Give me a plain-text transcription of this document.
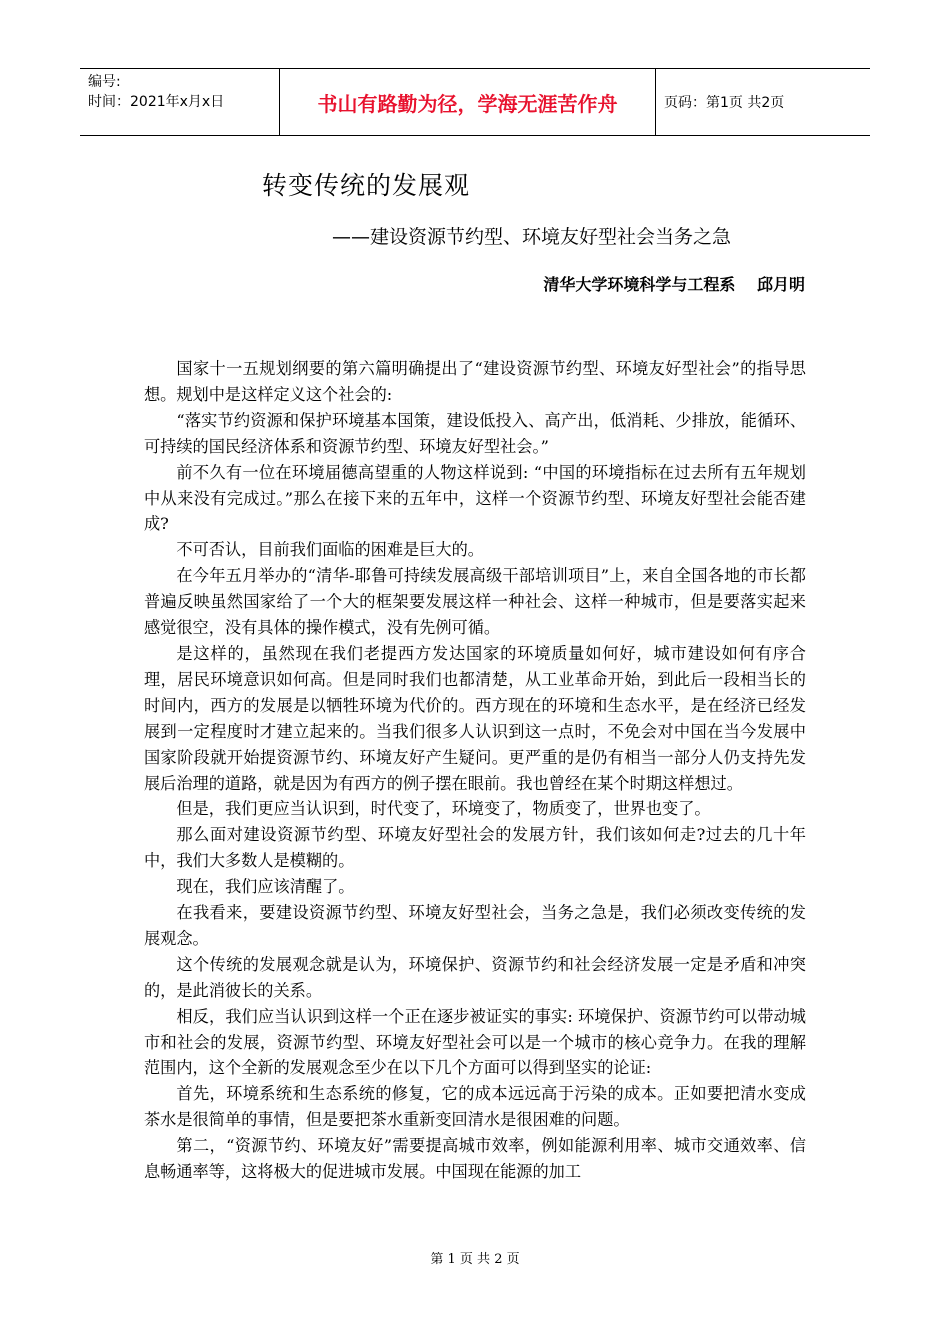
编号:
时间：2021年x月x日	书山有路勤为径，学海无涯苦作舟	页码：第1页 共2页
转变传统的发展观
——建设资源节约型、环境友好型社会当务之急
清华大学环境科学与工程系　 邱月明

国家十一五规划纲要的第六篇明确提出了“建设资源节约型、环境友好型社会”的指导思想。规划中是这样定义这个社会的:

“落实节约资源和保护环境基本国策，建设低投入、高产出，低消耗、少排放，能循环、可持续的国民经济体系和资源节约型、环境友好型社会。”

前不久有一位在环境届德高望重的人物这样说到: “中国的环境指标在过去所有五年规划中从来没有完成过。”那么在接下来的五年中，这样一个资源节约型、环境友好型社会能否建成?

不可否认，目前我们面临的困难是巨大的。

在今年五月举办的“清华-耶鲁可持续发展高级干部培训项目”上，来自全国各地的市长都普遍反映虽然国家给了一个大的框架要发展这样一种社会、这样一种城市，但是要落实起来感觉很空，没有具体的操作模式，没有先例可循。

是这样的，虽然现在我们老提西方发达国家的环境质量如何好，城市建设如何有序合理，居民环境意识如何高。但是同时我们也都清楚，从工业革命开始，到此后一段相当长的时间内，西方的发展是以牺牲环境为代价的。西方现在的环境和生态水平，是在经济已经发展到一定程度时才建立起来的。当我们很多人认识到这一点时，不免会对中国在当今发展中国家阶段就开始提资源节约、环境友好产生疑问。更严重的是仍有相当一部分人仍支持先发展后治理的道路，就是因为有西方的例子摆在眼前。我也曾经在某个时期这样想过。

但是，我们更应当认识到，时代变了，环境变了，物质变了，世界也变了。

那么面对建设资源节约型、环境友好型社会的发展方针，我们该如何走?过去的几十年中，我们大多数人是模糊的。

现在，我们应该清醒了。

在我看来，要建设资源节约型、环境友好型社会，当务之急是，我们必须改变传统的发展观念。

这个传统的发展观念就是认为，环境保护、资源节约和社会经济发展一定是矛盾和冲突的，是此消彼长的关系。

相反，我们应当认识到这样一个正在逐步被证实的事实: 环境保护、资源节约可以带动城市和社会的发展，资源节约型、环境友好型社会可以是一个城市的核心竞争力。在我的理解范围内，这个全新的发展观念至少在以下几个方面可以得到坚实的论证:

首先，环境系统和生态系统的修复，它的成本远远高于污染的成本。正如要把清水变成茶水是很简单的事情，但是要把茶水重新变回清水是很困难的问题。

第二，“资源节约、环境友好”需要提高城市效率，例如能源利用率、城市交通效率、信息畅通率等，这将极大的促进城市发展。中国现在能源的加工

第 1 页 共 2 页
